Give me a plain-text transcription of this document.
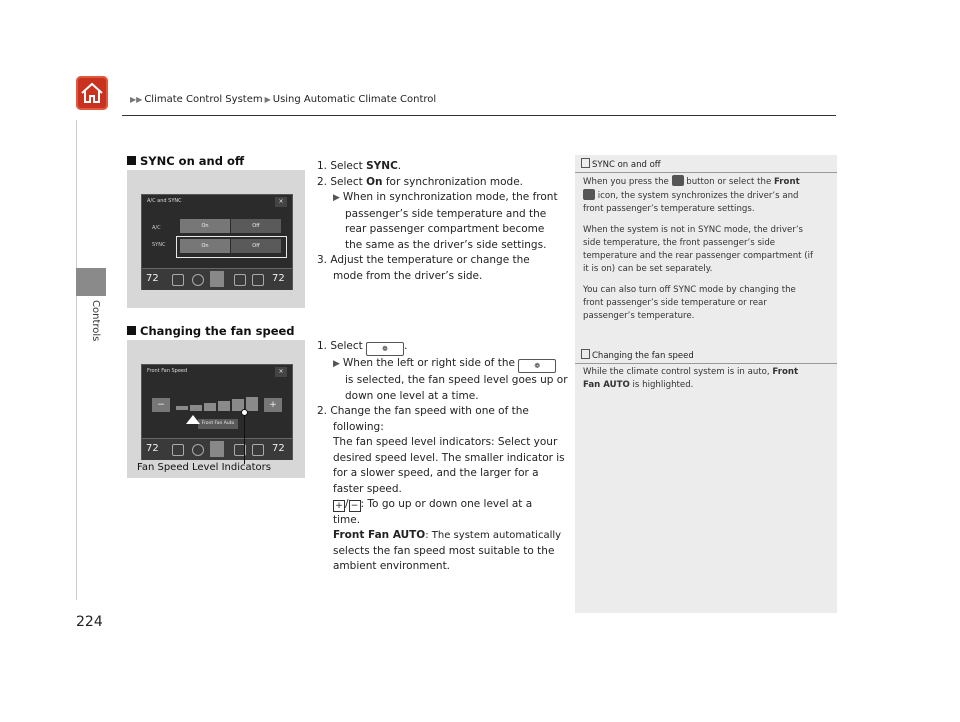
▶▶ Climate Control System ▶ Using Automatic Climate Control
Controls
224
SYNC on and off
A/C and SYNC	×
A/C	On	Off
SYNC	On	Off
72	72
1. Select SYNC.
2. Select On for synchronization mode.
▶ When in synchronization mode, the front
passenger’s side temperature and the
rear passenger compartment become
the same as the driver’s side settings.
3. Adjust the temperature or change the
mode from the driver’s side.
Changing the fan speed
Front Fan Speed	×
−	+
Front Fan Auto
72	72
Fan Speed Level Indicators
1. Select ❁ .
▶ When the left or right side of the ❁
is selected, the fan speed level goes up or
down one level at a time.
2. Change the fan speed with one of the
following:
The fan speed level indicators: Select your
desired speed level. The smaller indicator is
for a slower speed, and the larger for a
faster speed.
+ / − : To go up or down one level at a
time.
Front Fan AUTO: The system automatically
selects the fan speed most suitable to the
ambient environment.
SYNC on and off
When you press the  button or select the Front
icon, the system synchronizes the driver’s and
front passenger’s temperature settings.
When the system is not in SYNC mode, the driver’s
side temperature, the front passenger’s side
temperature and the rear passenger compartment (if
it is on) can be set separately.
You can also turn off SYNC mode by changing the
front passenger’s side temperature or rear
passenger’s temperature.
Changing the fan speed
While the climate control system is in auto, Front
Fan AUTO is highlighted.
